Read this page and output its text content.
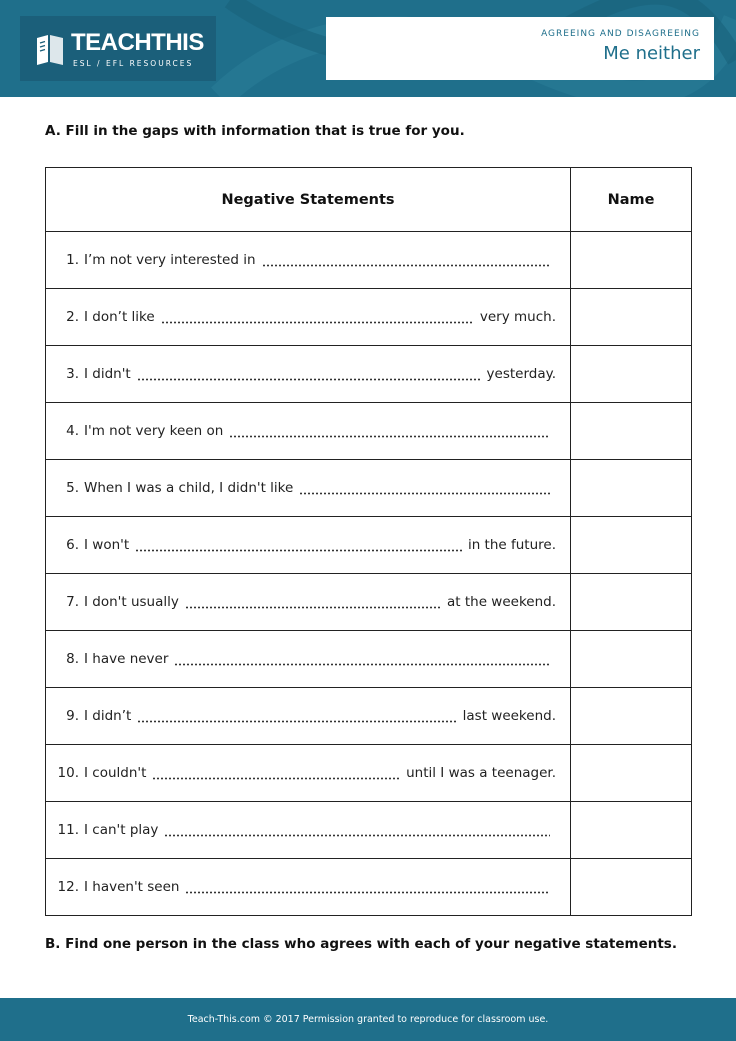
TEACHTHIS
ESL / EFL RESOURCES
AGREEING AND DISAGREEING
Me neither
A. Fill in the gaps with information that is true for you.
Negative Statements	Name

1. I’m not very interested in	

2. I don’t like very much.	

3. I didn't yesterday.	

4. I'm not very keen on	

5. When I was a child, I didn't like	

6. I won't in the future.	

7. I don't usually at the weekend.	

8. I have never	

9. I didn’t last weekend.	

10. I couldn't until I was a teenager.	

11. I can't play	

12. I haven't seen	

B. Find one person in the class who agrees with each of your negative statements.
Teach-This.com © 2017 Permission granted to reproduce for classroom use.
